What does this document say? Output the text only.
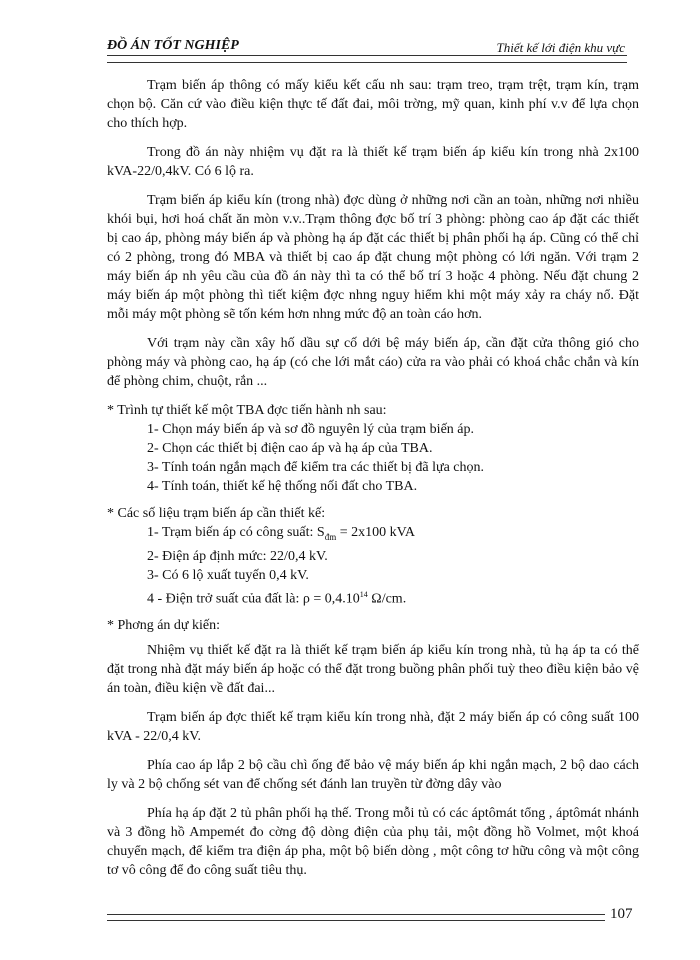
ĐỒ ÁN TỐT NGHIỆP	Thiết kế lới điện khu vực

Trạm biến áp thông có mấy kiểu kết cấu nh sau: trạm treo, trạm trệt, trạm kín, trạm chọn bộ. Căn cứ vào điều kiện thực tế đất đai, môi trờng, mỹ quan, kinh phí v.v để lựa chọn cho thích hợp.

Trong đồ án này nhiệm vụ đặt ra là thiết kế trạm biến áp kiểu kín trong nhà 2x100 kVA-22/0,4kV. Có 6 lộ ra.

Trạm biến áp kiểu kín (trong nhà) đợc dùng ở những nơi cần an toàn, những nơi nhiều khói bụi, hơi hoá chất ăn mòn v.v..Trạm thông đợc bố trí 3 phòng: phòng cao áp đặt các thiết bị cao áp, phòng máy biến áp và phòng hạ áp đặt các thiết bị phân phối hạ áp. Cũng có thể chỉ có 2 phòng, trong đó MBA và thiết bị cao áp đặt chung một phòng có lới ngăn. Với trạm 2 máy biến áp nh yêu cầu của đồ án này thì ta có thể bố trí 3 hoặc 4 phòng. Nếu đặt chung 2 máy biến áp một phòng thì tiết kiệm đợc nhng nguy hiểm khi một máy xảy ra cháy nổ. Đặt mỗi máy một phòng sẽ tốn kém hơn nhng mức độ an toàn cáo hơn.

Với trạm này cần xây hố dầu sự cố dới bệ máy biến áp, cần đặt cửa thông gió cho phòng máy và phòng cao, hạ áp (có che lới mắt cáo) cửa ra vào phải có khoá chắc chắn và kín để phòng chim, chuột, rắn ...

* Trình tự thiết kế một TBA đợc tiến hành nh sau:
1- Chọn máy biến áp và sơ đồ nguyên lý của trạm biến áp.
2- Chọn các thiết bị điện cao áp và hạ áp của TBA.
3- Tính toán ngắn mạch để kiểm tra các thiết bị đã lựa chọn.
4- Tính toán, thiết kế hệ thống nối đất cho TBA.
* Các số liệu trạm biến áp cần thiết kế:
1- Trạm biến áp có công suất: $S_{đm} = 2x100$ kVA
2- Điện áp định mức: 22/0,4 kV.
3- Có 6 lộ xuất tuyến 0,4 kV.
4 - Điện trở suất của đất là: $\rho = 0,4.10^{14}$ Ω/cm.
* Phơng án dự kiến:

Nhiệm vụ thiết kế đặt ra là thiết kế trạm biến áp kiểu kín trong nhà, tủ hạ áp ta có thể đặt trong nhà đặt máy biến áp hoặc có thể đặt trong buồng phân phối tuỳ theo điều kiện bảo vệ án toàn, điều kiện về đất đai...

Trạm biến áp đợc thiết kế trạm kiểu kín trong nhà, đặt 2 máy biến áp có công suất 100 kVA - 22/0,4 kV.

Phía cao áp lắp 2 bộ cầu chì ống để bảo vệ máy biến áp khi ngắn mạch, 2 bộ dao cách ly và 2 bộ chống sét van để chống sét đánh lan truyền từ đờng dây vào

Phía hạ áp đặt 2 tủ phân phối hạ thế. Trong mỗi tủ có các áptômát tổng , áptômát nhánh và 3 đồng hồ Ampemét đo cờng độ dòng điện của phụ tải, một đồng hồ Volmet, một khoá chuyển mạch, để kiểm tra điện áp pha, một bộ biến dòng , một công tơ hữu công và một công tơ vô công để đo công suất tiêu thụ.

107
